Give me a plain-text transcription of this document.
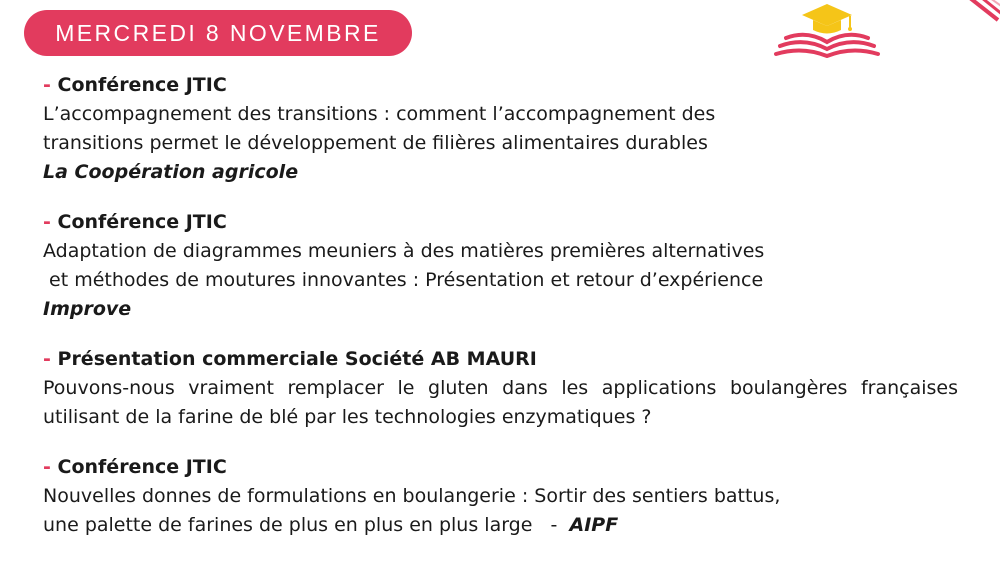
MERCREDI 8 NOVEMBRE
- Conférence JTIC
L’accompagnement des transitions : comment l’accompagnement des
transitions permet le développement de filières alimentaires durables
La Coopération agricole
- Conférence JTIC
Adaptation de diagrammes meuniers à des matières premières alternatives
et méthodes de moutures innovantes : Présentation et retour d’expérience
Improve
- Présentation commerciale Société AB MAURI
Pouvons-nous vraiment remplacer le gluten dans les applications boulangères françaises utilisant de la farine de blé par les technologies enzymatiques ?
- Conférence JTIC
Nouvelles donnes de formulations en boulangerie : Sortir des sentiers battus,
une palette de farines de plus en plus en plus large   -  AIPF
